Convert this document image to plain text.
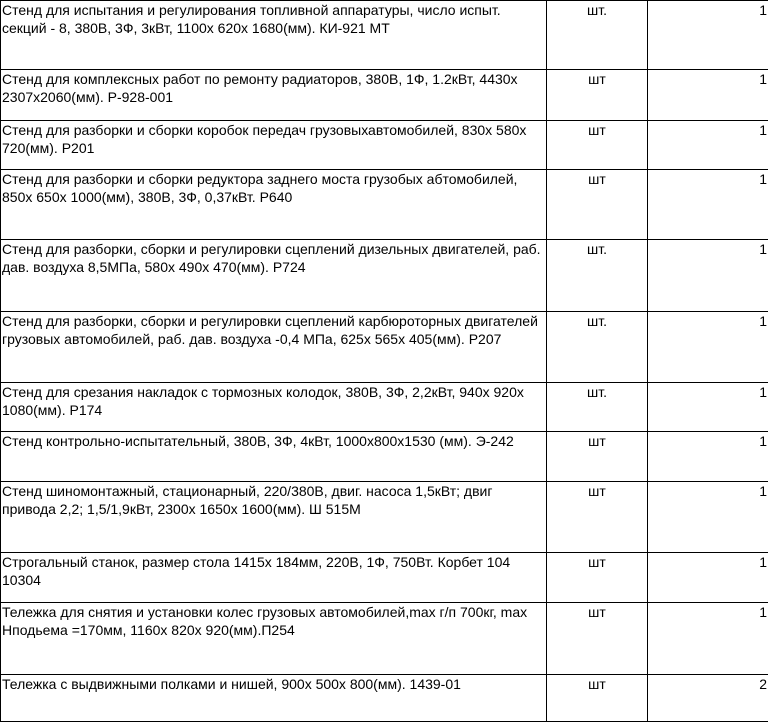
Стенд для испытания и регулирования топливной аппаратуры, число испыт. секций - 8, 380В, 3Ф, 3кВт, 1100х 620х 1680(мм). КИ-921 МТ	шт.	1
Стенд для комплексных работ по ремонту радиаторов, 380В, 1Ф, 1.2кВт, 4430х 2307х2060(мм). Р-928-001	шт	1
Стенд для разборки и сборки коробок передач грузовыхавтомобилей, 830х 580х 720(мм). Р201	шт	1
Стенд для разборки и сборки редуктора заднего моста грузобых абтомобилей, 850х 650х 1000(мм), 380В, 3Ф, 0,37кВт. Р640	шт	1
Стенд для разборки, сборки и регулировки сцеплений дизельных двигателей, раб. дав. воздуха 8,5МПа, 580х 490х 470(мм). Р724	шт.	1
Стенд для разборки, сборки и регулировки сцеплений карбюроторных двигателей грузовых автомобилей, раб. дав. воздуха -0,4 МПа, 625х 565х 405(мм). Р207	шт.	1
Стенд для срезания накладок с тормозных колодок, 380В, 3Ф, 2,2кВт, 940х 920х 1080(мм). Р174	шт.	1
Стенд контрольно-испытательный, 380В, 3Ф, 4кВт, 1000х800х1530 (мм). Э-242	шт	1
Стенд шиномонтажный, стационарный, 220/380В, двиг. насоса 1,5кВт; двиг привода 2,2; 1,5/1,9кВт, 2300х 1650х 1600(мм). Ш 515М	шт	1
Строгальный станок, размер стола 1415х 184мм, 220В, 1Ф, 750Вт. Корбет 104 10304	шт	1
Тележка для снятия и установки колес грузовых автомобилей,max г/п 700кг, max Hподьема =170мм, 1160х 820х 920(мм).П254	шт	1
Тележка с выдвижными полками и нишей, 900х 500х 800(мм). 1439-01	шт	2
